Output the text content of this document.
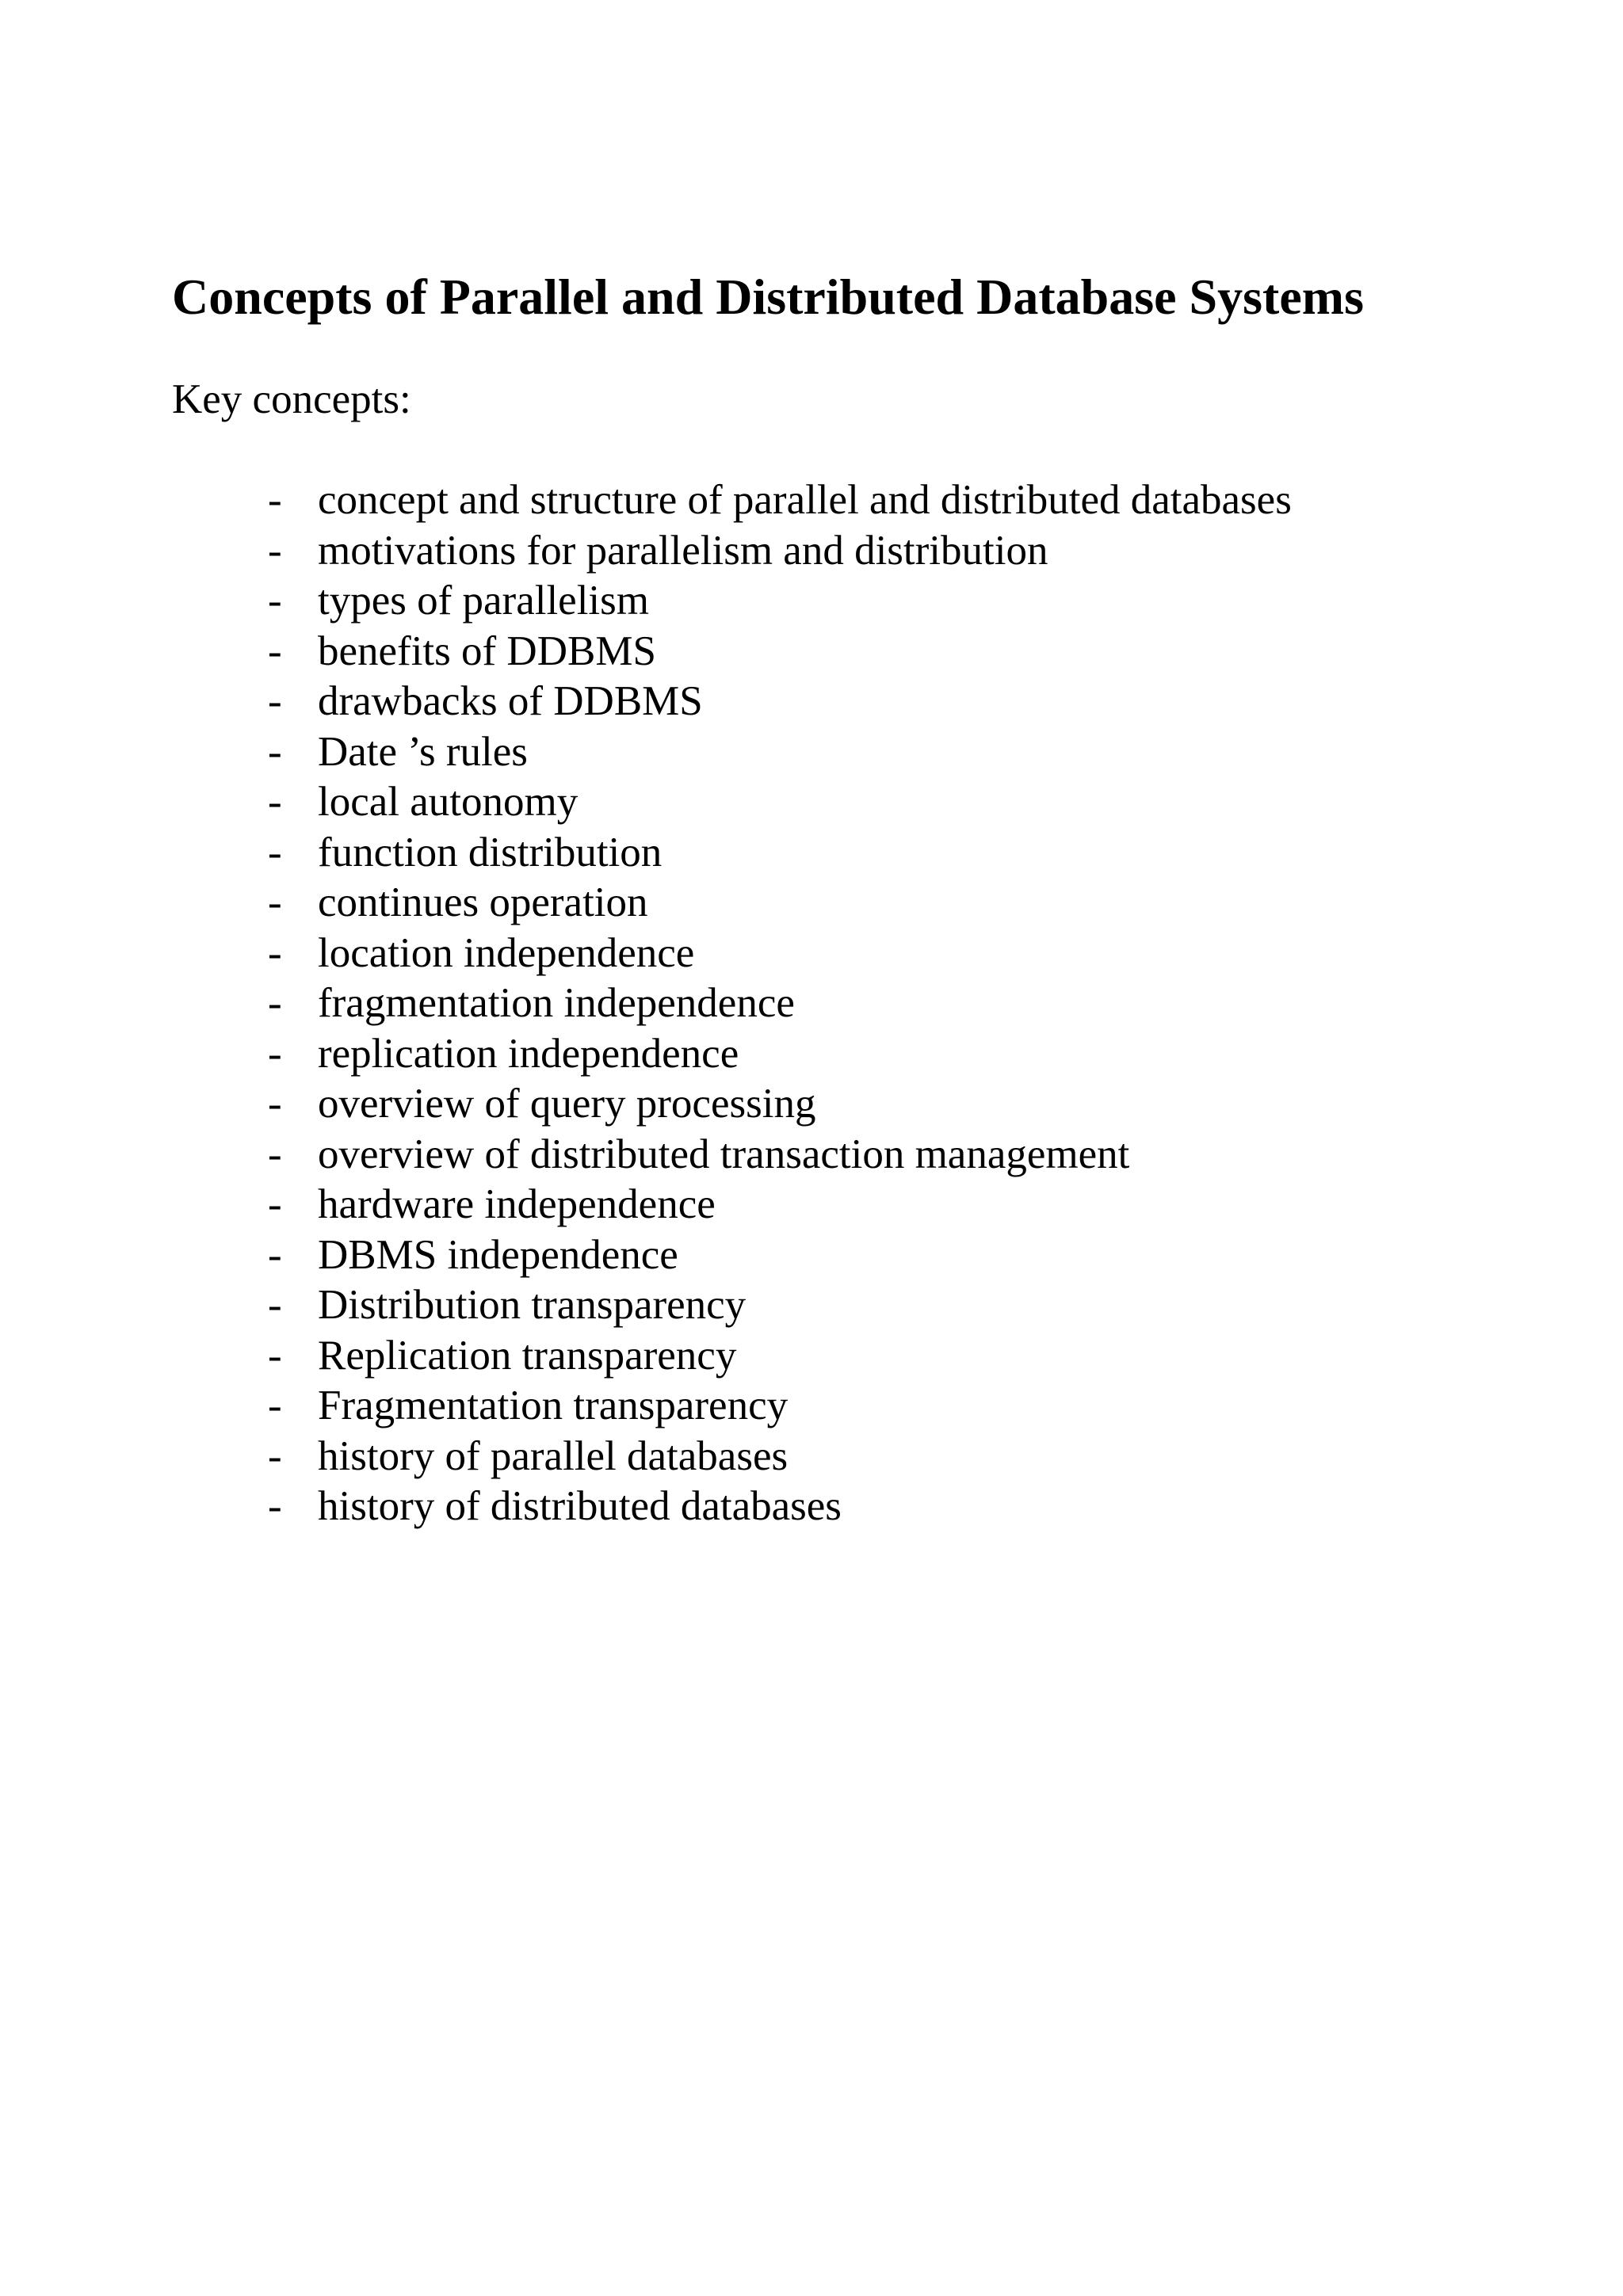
Concepts of Parallel and Distributed Database Systems

Key concepts:

- concept and structure of parallel and distributed databases
- motivations for parallelism and distribution
- types of parallelism
- benefits of DDBMS
- drawbacks of DDBMS
- Date ’s rules
- local autonomy
- function distribution
- continues operation
- location independence
- fragmentation independence
- replication independence
- overview of query processing
- overview of distributed transaction management
- hardware independence
- DBMS independence
- Distribution transparency
- Replication transparency
- Fragmentation transparency
- history of parallel databases
- history of distributed databases
